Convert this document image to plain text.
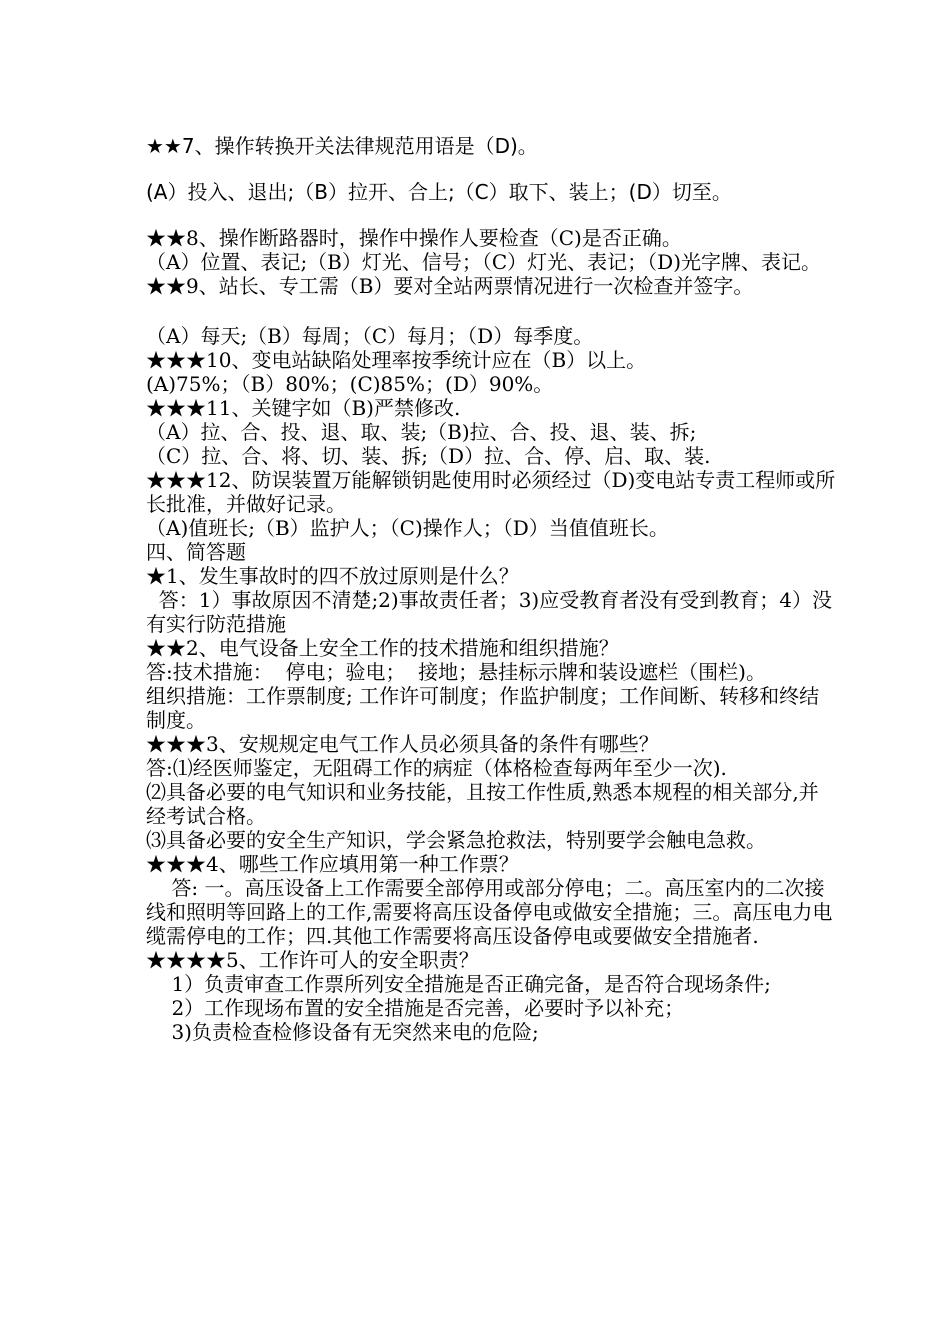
★★7、操作转换开关法律规范用语是（D)。
(A）投入、退出;（B）拉开、合上;（C）取下、装上；(D）切至。
★★8、操作断路器时，操作中操作人要检查（C)是否正确。
（A）位置、表记;（B）灯光、信号；（C）灯光、表记；（D)光字牌、表记。
★★9、站长、专工需（B）要对全站两票情况进行一次检查并签字。
（A）每天;（B）每周；（C）每月；（D）每季度。
★★★10、变电站缺陷处理率按季统计应在（B）以上。
(A)75%；（B）80%；(C)85%；(D）90%。
★★★11、关键字如（B)严禁修改.
（A）拉、合、投、退、取、装;（B)拉、合、投、退、装、拆;
（C）拉、合、将、切、装、拆;（D）拉、合、停、启、取、装.
★★★12、防误装置万能解锁钥匙使用时必须经过（D)变电站专责工程师或所长批准，并做好记录。
（A)值班长;（B）监护人；（C)操作人；（D）当值值班长。
四、简答题
★1、发生事故时的四不放过原则是什么？
答：1）事故原因不清楚;2)事故责任者；3)应受教育者没有受到教育；4）没有实行防范措施
★★2、电气设备上安全工作的技术措施和组织措施？
答:技术措施：  停电；验电；  接地；悬挂标示牌和装设遮栏（围栏)。
组织措施：工作票制度; 工作许可制度；作监护制度；工作间断、转移和终结制度。
★★★3、安规规定电气工作人员必须具备的条件有哪些？
答:⑴经医师鉴定，无阻碍工作的病症（体格检查每两年至少一次).
⑵具备必要的电气知识和业务技能，且按工作性质,熟悉本规程的相关部分,并经考试合格。
⑶具备必要的安全生产知识，学会紧急抢救法，特别要学会触电急救。
★★★4、哪些工作应填用第一种工作票？
答: 一。高压设备上工作需要全部停用或部分停电；二。高压室内的二次接线和照明等回路上的工作,需要将高压设备停电或做安全措施；三。高压电力电缆需停电的工作；四.其他工作需要将高压设备停电或要做安全措施者.
★★★★5、工作许可人的安全职责？
1）负责审查工作票所列安全措施是否正确完备，是否符合现场条件;
2）工作现场布置的安全措施是否完善，必要时予以补充；
3)负责检查检修设备有无突然来电的危险;
